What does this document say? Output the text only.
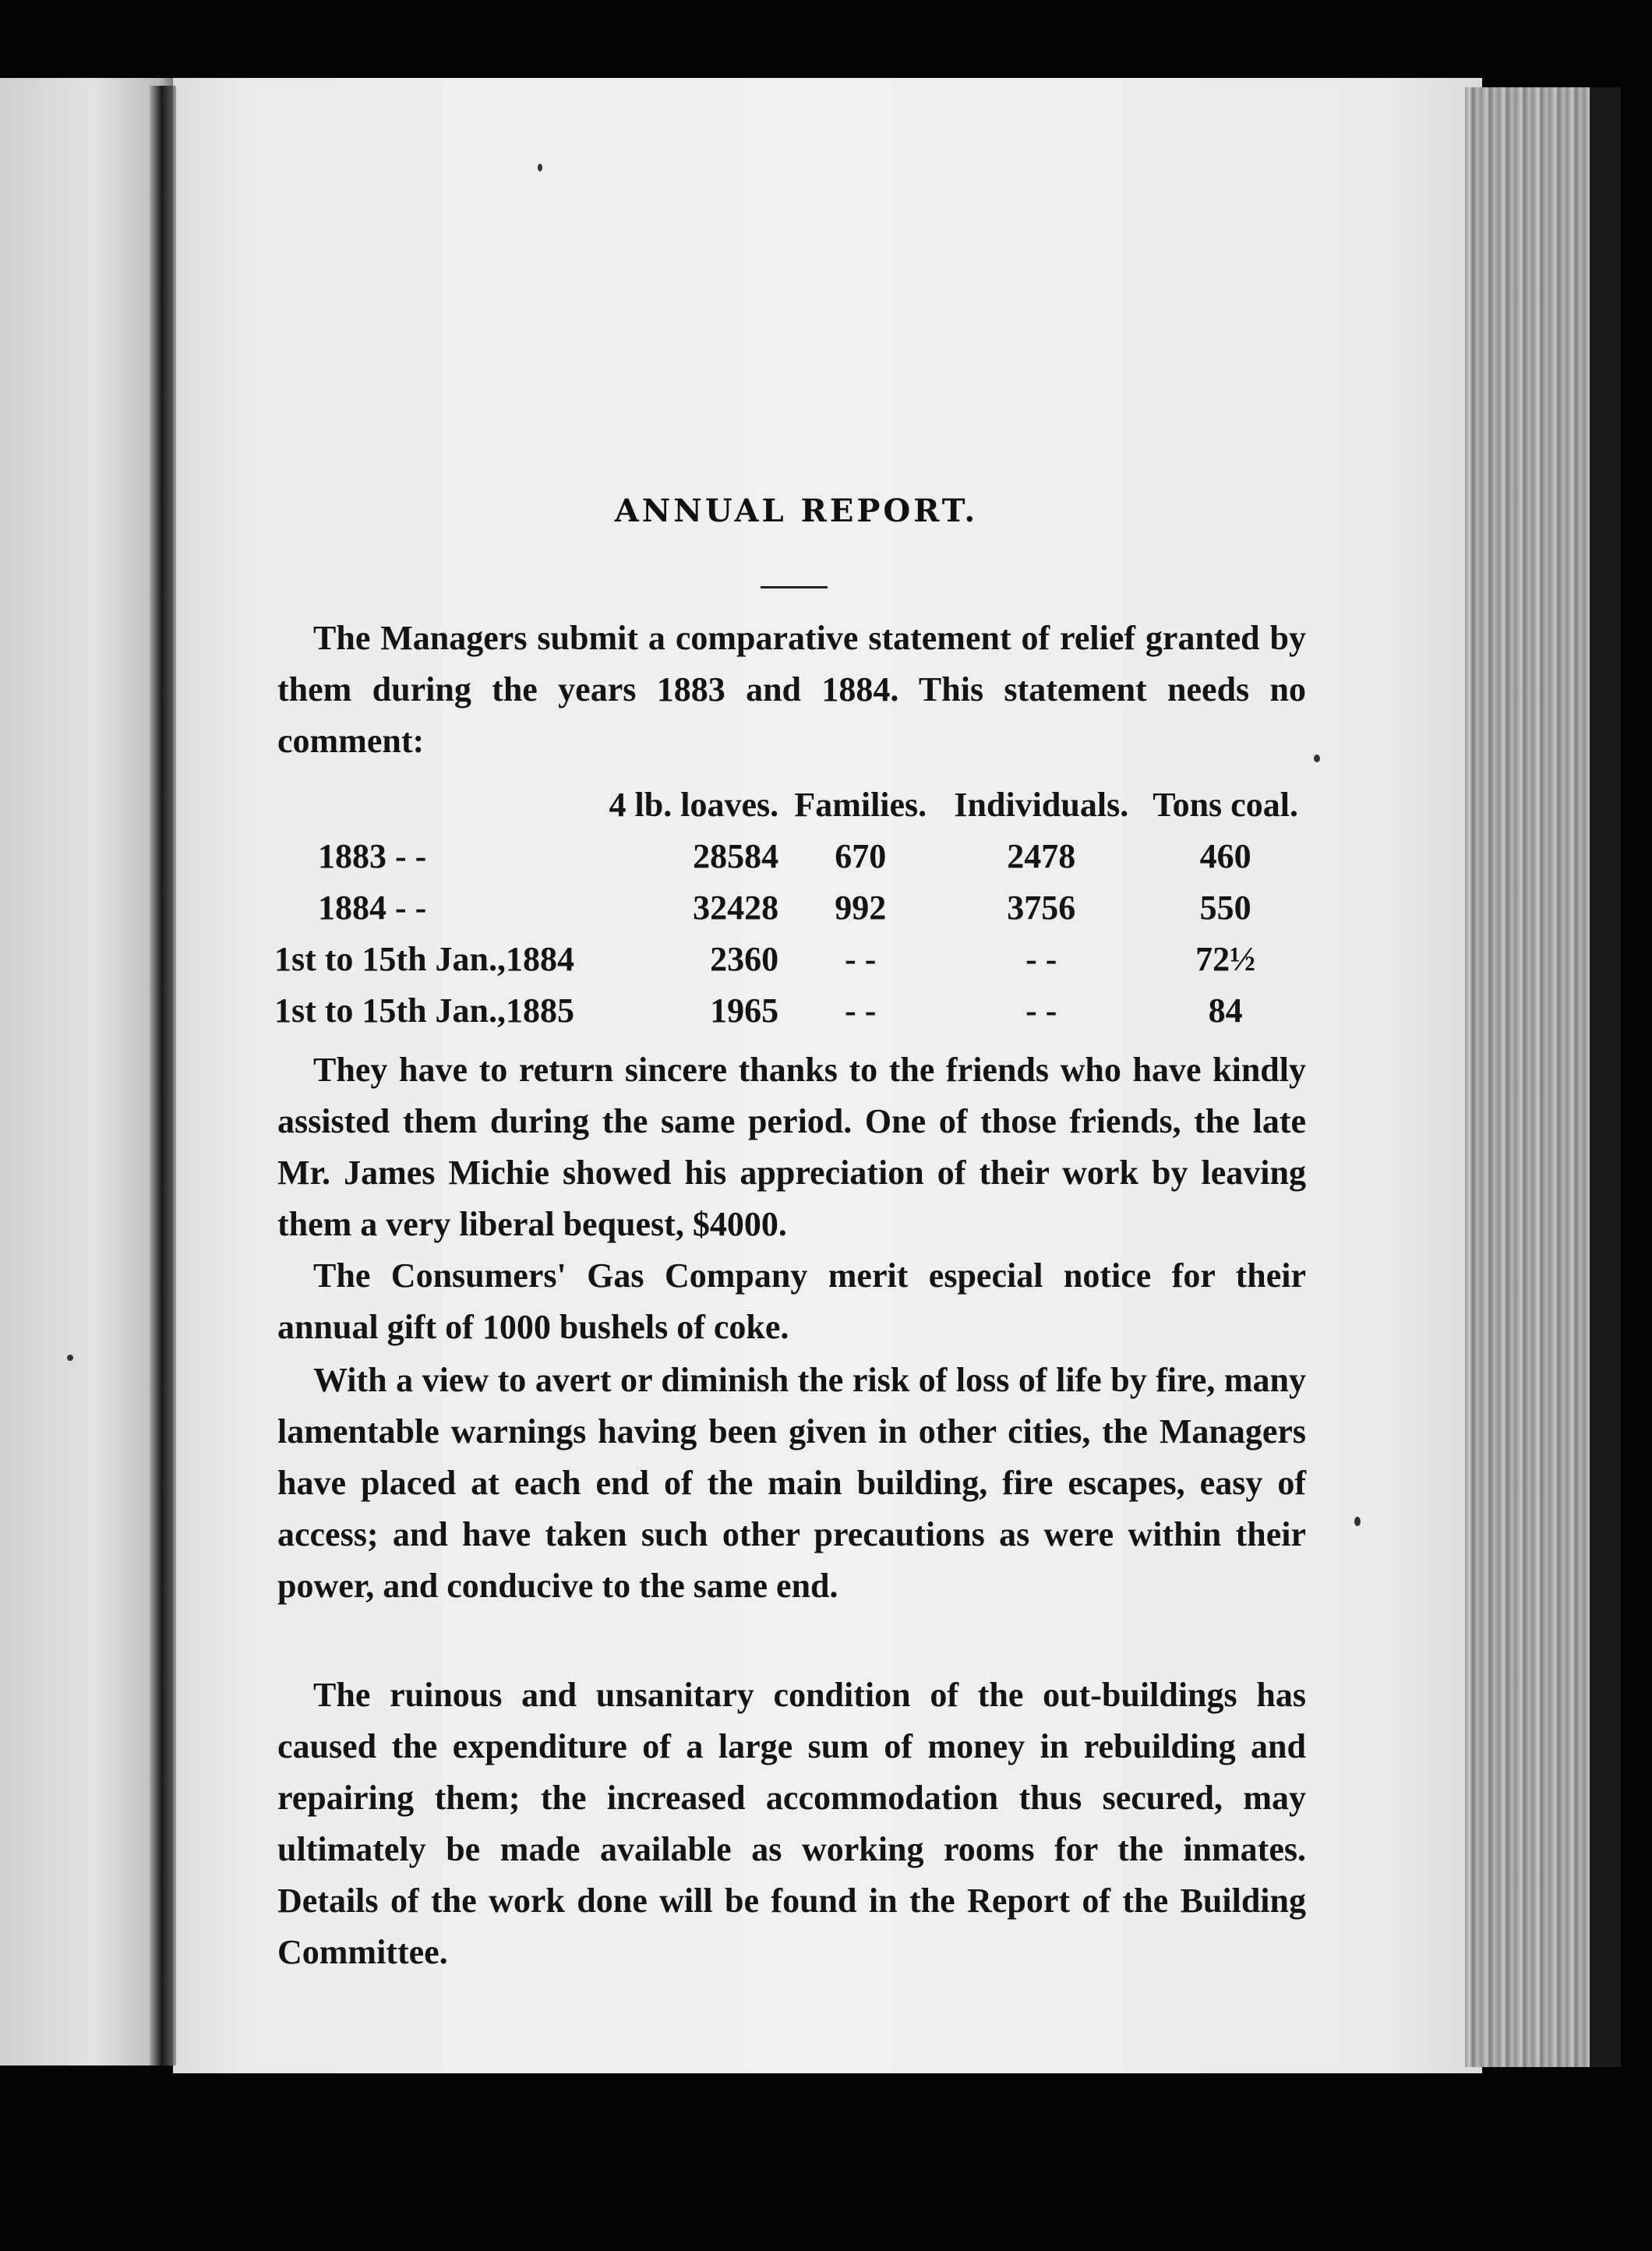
ANNUAL REPORT.

The Managers submit a comparative statement of relief granted by them during the years 1883 and 1884. This statement needs no comment:

	4 lb. loaves.	Families.	Individuals.	Tons coal.
1883 - -	28584	670	2478	460
1884 - -	32428	992	3756	550
1st to 15th Jan.,1884	2360	- -	- -	72½
1st to 15th Jan.,1885	1965	- -	- -	84

They have to return sincere thanks to the friends who have kindly assisted them during the same period. One of those friends, the late Mr. James Michie showed his appreciation of their work by leaving them a very liberal bequest, $4000.

The Consumers' Gas Company merit especial notice for their annual gift of 1000 bushels of coke.

With a view to avert or diminish the risk of loss of life by fire, many lamentable warnings having been given in other cities, the Managers have placed at each end of the main building, fire escapes, easy of access; and have taken such other precautions as were within their power, and conducive to the same end.

The ruinous and unsanitary condition of the out-buildings has caused the expenditure of a large sum of money in rebuilding and repairing them; the increased accommodation thus secured, may ultimately be made available as working rooms for the inmates. Details of the work done will be found in the Report of the Building Committee.
